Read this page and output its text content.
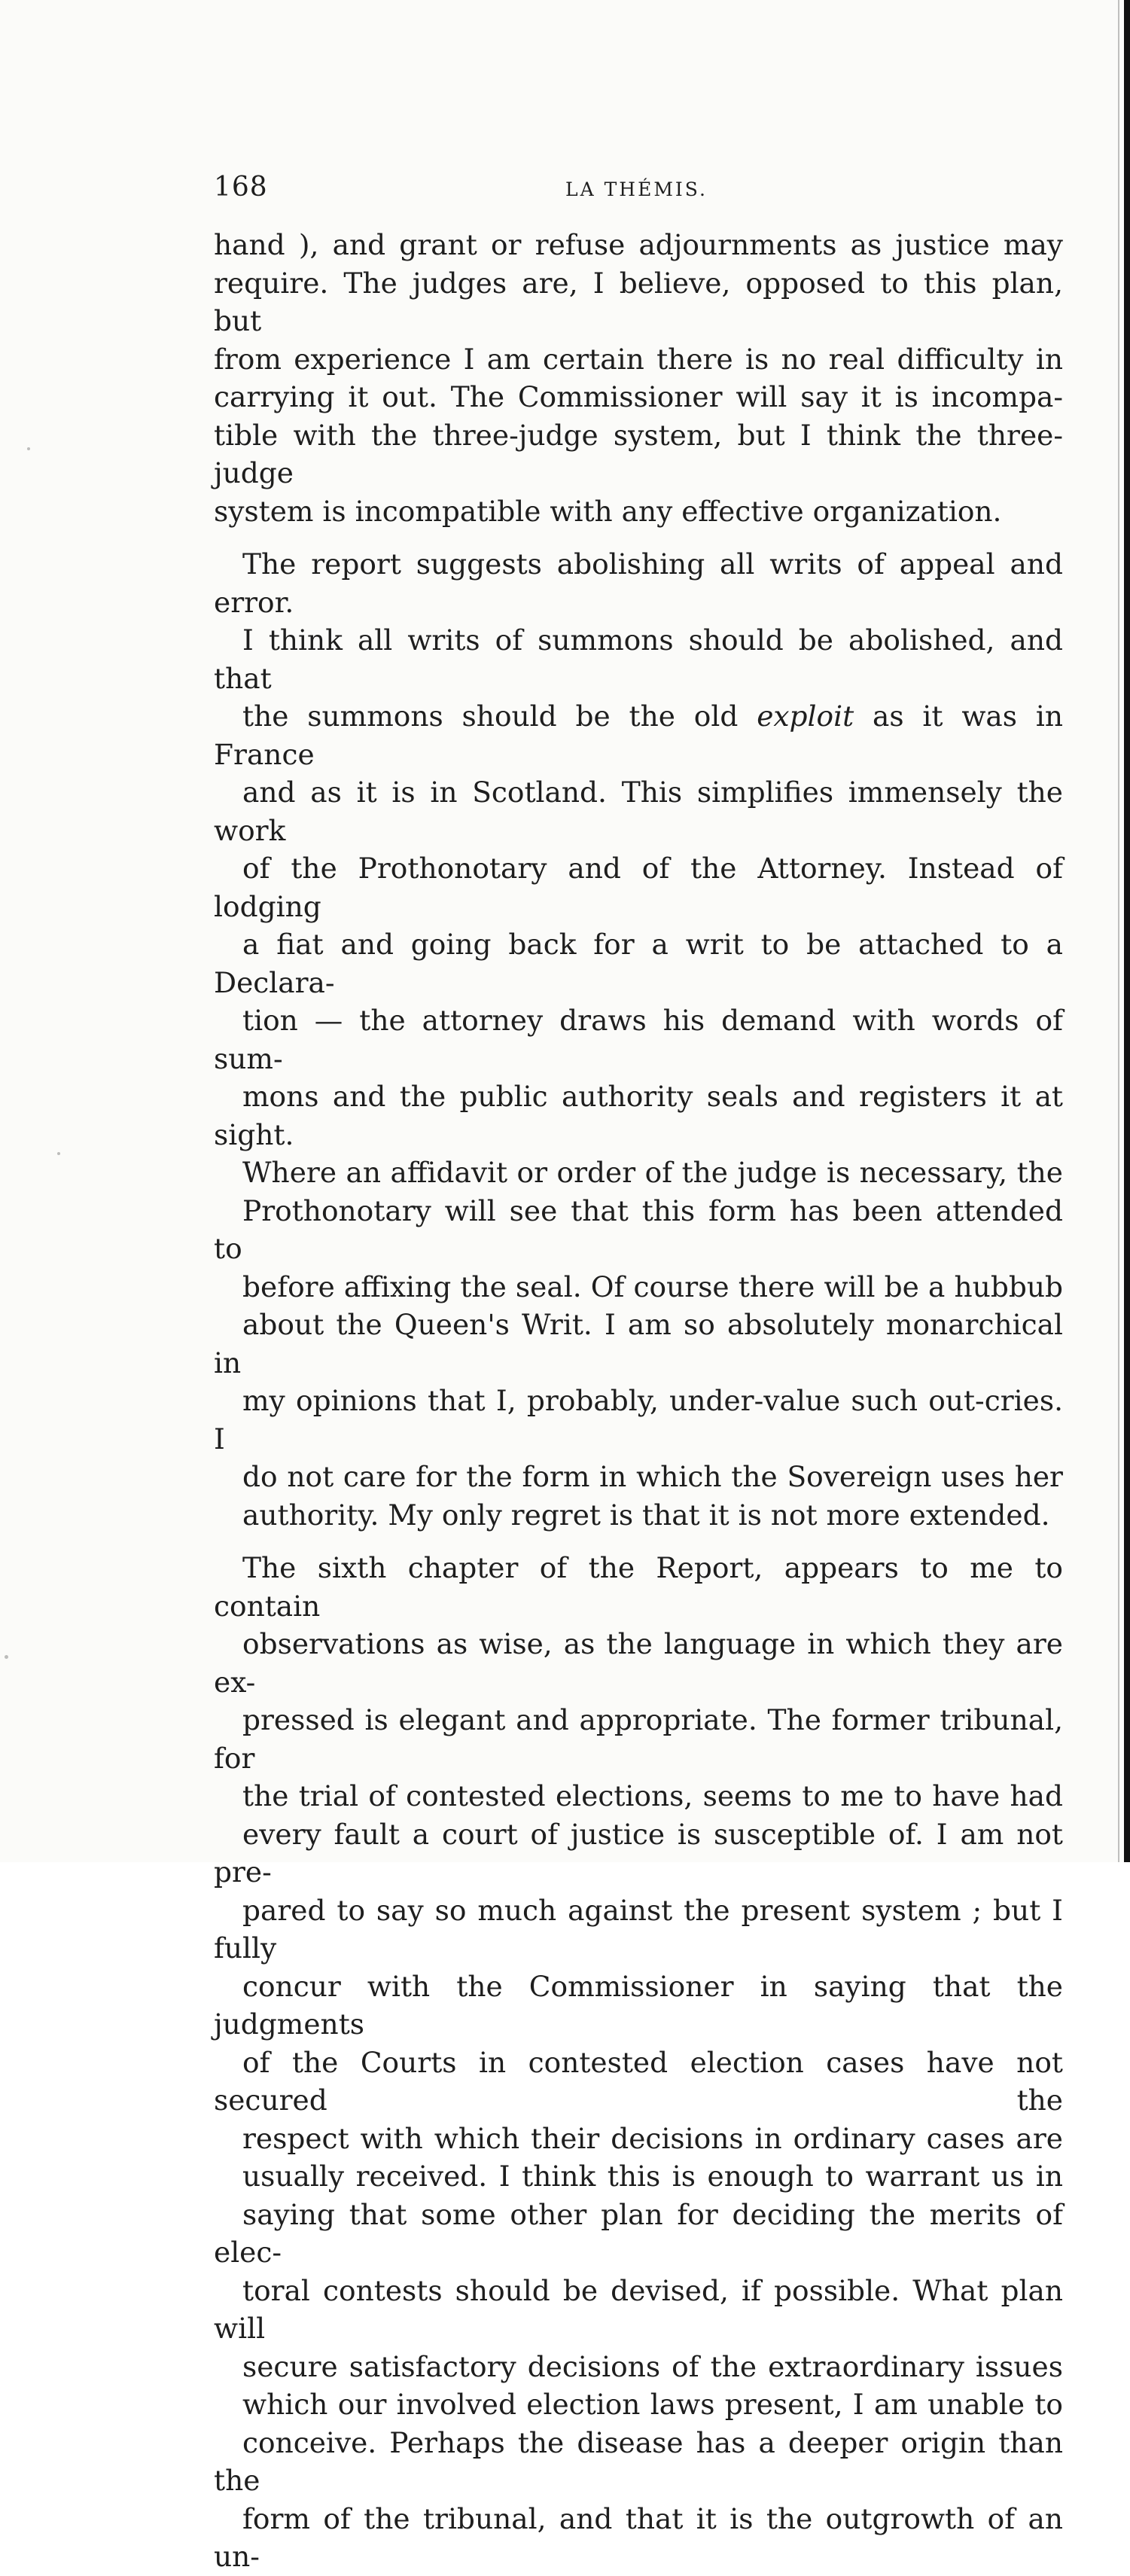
168	LA THÉMIS.

hand ), and grant or refuse adjournments as justice may
require. The judges are, I believe, opposed to this plan, but
from experience I am certain there is no real difficulty in
carrying it out. The Commissioner will say it is incompa-
tible with the three-judge system, but I think the three-judge
system is incompatible with any effective organization.

The report suggests abolishing all writs of appeal and error.
I think all writs of summons should be abolished, and that
the summons should be the old exploit as it was in France
and as it is in Scotland. This simplifies immensely the work
of the Prothonotary and of the Attorney. Instead of lodging
a fiat and going back for a writ to be attached to a Declara-
tion — the attorney draws his demand with words of sum-
mons and the public authority seals and registers it at sight.
Where an affidavit or order of the judge is necessary, the
Prothonotary will see that this form has been attended to
before affixing the seal. Of course there will be a hubbub
about the Queen's Writ. I am so absolutely monarchical in
my opinions that I, probably, under-value such out-cries. I
do not care for the form in which the Sovereign uses her
authority. My only regret is that it is not more extended.

The sixth chapter of the Report, appears to me to contain
observations as wise, as the language in which they are ex-
pressed is elegant and appropriate. The former tribunal, for
the trial of contested elections, seems to me to have had
every fault a court of justice is susceptible of. I am not pre-
pared to say so much against the present system ; but I fully
concur with the Commissioner in saying that the judgments
of the Courts in contested election cases have not secured the
respect with which their decisions in ordinary cases are
usually received. I think this is enough to warrant us in
saying that some other plan for deciding the merits of elec-
toral contests should be devised, if possible. What plan will
secure satisfactory decisions of the extraordinary issues
which our involved election laws present, I am unable to
conceive. Perhaps the disease has a deeper origin than the
form of the tribunal, and that it is the outgrowth of an un-
